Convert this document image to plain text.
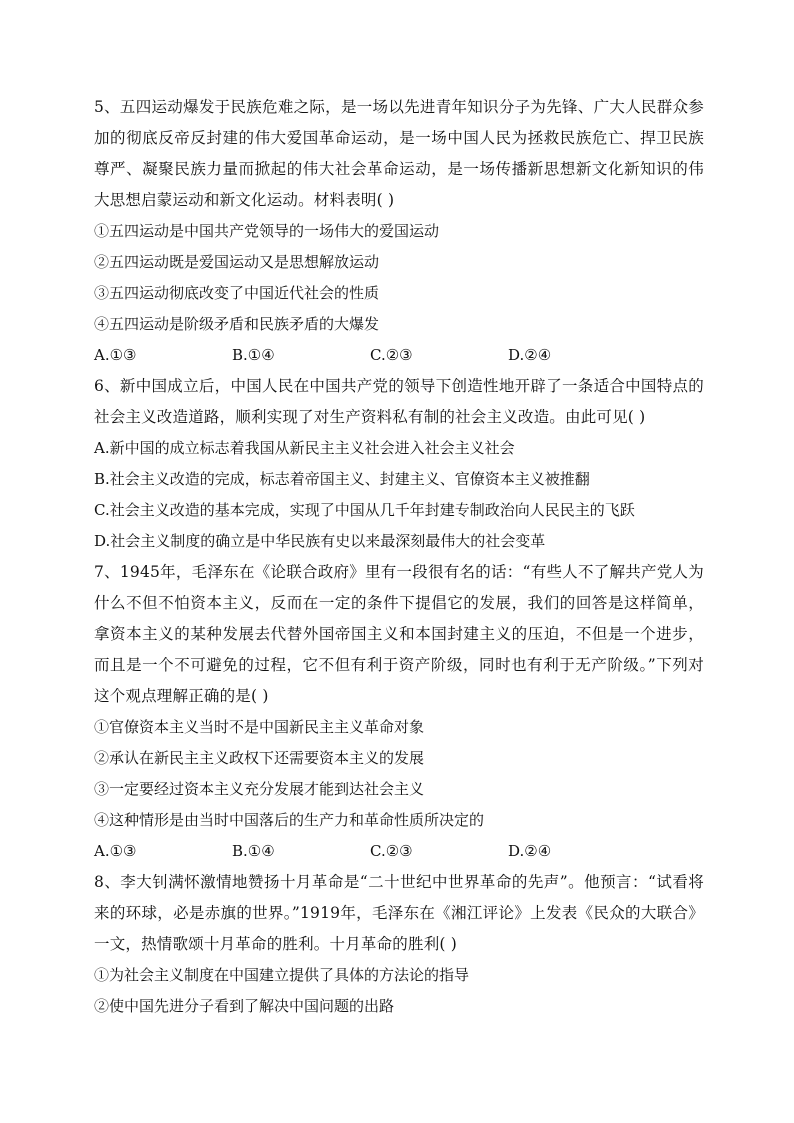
5、五四运动爆发于民族危难之际，是一场以先进青年知识分子为先锋、广大人民群众参加的彻底反帝反封建的伟大爱国革命运动，是一场中国人民为拯救民族危亡、捍卫民族尊严、凝聚民族力量而掀起的伟大社会革命运动，是一场传播新思想新文化新知识的伟大思想启蒙运动和新文化运动。材料表明( )
①五四运动是中国共产党领导的一场伟大的爱国运动
②五四运动既是爱国运动又是思想解放运动
③五四运动彻底改变了中国近代社会的性质
④五四运动是阶级矛盾和民族矛盾的大爆发
A.①③	B.①④	C.②③	D.②④
6、新中国成立后，中国人民在中国共产党的领导下创造性地开辟了一条适合中国特点的社会主义改造道路，顺利实现了对生产资料私有制的社会主义改造。由此可见( )
A.新中国的成立标志着我国从新民主主义社会进入社会主义社会
B.社会主义改造的完成，标志着帝国主义、封建主义、官僚资本主义被推翻
C.社会主义改造的基本完成，实现了中国从几千年封建专制政治向人民民主的飞跃
D.社会主义制度的确立是中华民族有史以来最深刻最伟大的社会变革
7、1945年，毛泽东在《论联合政府》里有一段很有名的话：“有些人不了解共产党人为什么不但不怕资本主义，反而在一定的条件下提倡它的发展，我们的回答是这样简单，拿资本主义的某种发展去代替外国帝国主义和本国封建主义的压迫，不但是一个进步，而且是一个不可避免的过程，它不但有利于资产阶级，同时也有利于无产阶级。”下列对这个观点理解正确的是( )
①官僚资本主义当时不是中国新民主主义革命对象
②承认在新民主主义政权下还需要资本主义的发展
③一定要经过资本主义充分发展才能到达社会主义
④这种情形是由当时中国落后的生产力和革命性质所决定的
A.①③	B.①④	C.②③	D.②④
8、李大钊满怀激情地赞扬十月革命是“二十世纪中世界革命的先声”。他预言：“试看将来的环球，必是赤旗的世界。”1919年，毛泽东在《湘江评论》上发表《民众的大联合》一文，热情歌颂十月革命的胜利。十月革命的胜利( )
①为社会主义制度在中国建立提供了具体的方法论的指导
②使中国先进分子看到了解决中国问题的出路
